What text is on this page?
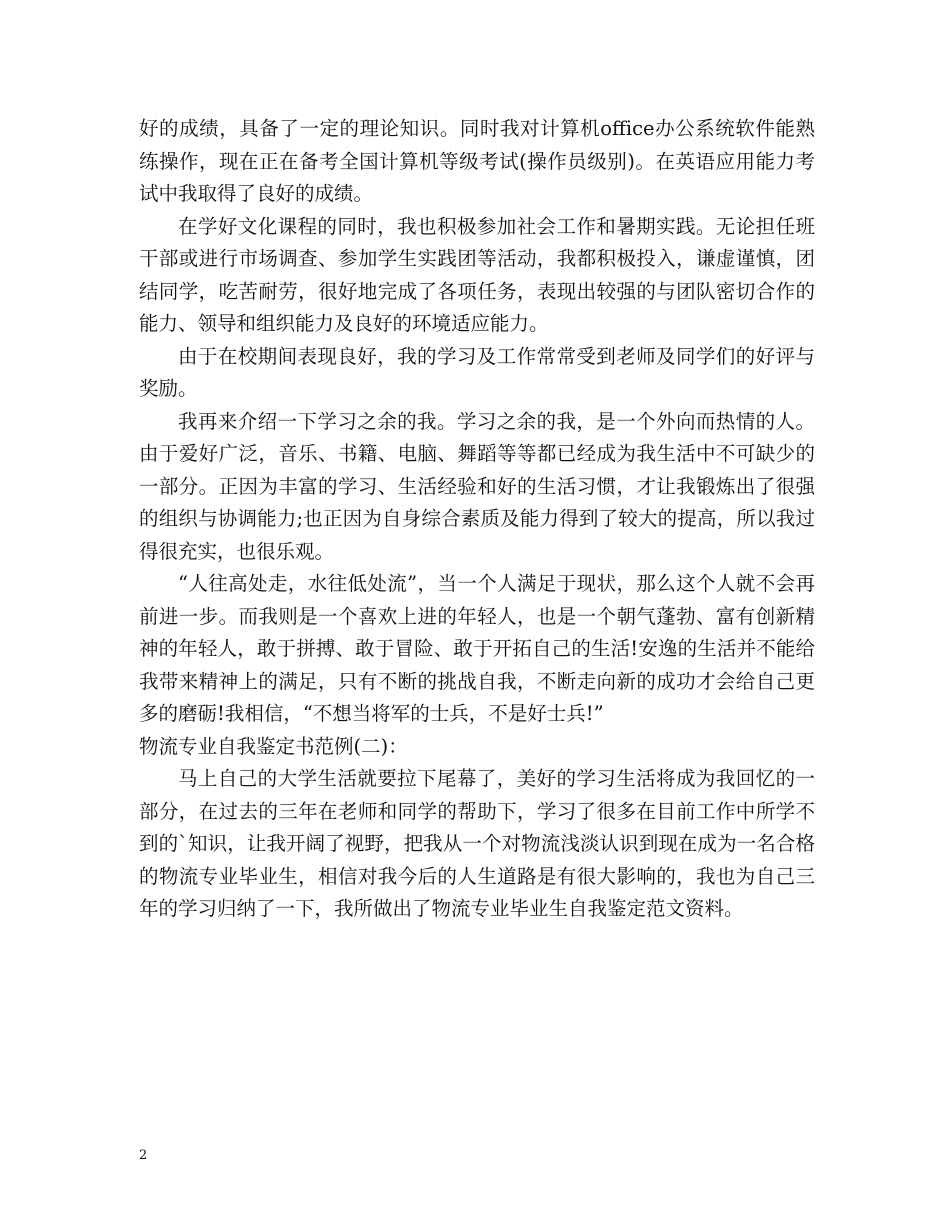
好的成绩，具备了一定的理论知识。同时我对计算机office办公系统软件能熟练操作，现在正在备考全国计算机等级考试(操作员级别)。在英语应用能力考试中我取得了良好的成绩。

在学好文化课程的同时，我也积极参加社会工作和暑期实践。无论担任班干部或进行市场调查、参加学生实践团等活动，我都积极投入，谦虚谨慎，团结同学，吃苦耐劳，很好地完成了各项任务，表现出较强的与团队密切合作的能力、领导和组织能力及良好的环境适应能力。

由于在校期间表现良好，我的学习及工作常常受到老师及同学们的好评与奖励。

我再来介绍一下学习之余的我。学习之余的我，是一个外向而热情的人。由于爱好广泛，音乐、书籍、电脑、舞蹈等等都已经成为我生活中不可缺少的一部分。正因为丰富的学习、生活经验和好的生活习惯，才让我锻炼出了很强的组织与协调能力;也正因为自身综合素质及能力得到了较大的提高，所以我过得很充实，也很乐观。

“人往高处走，水往低处流”，当一个人满足于现状，那么这个人就不会再前进一步。而我则是一个喜欢上进的年轻人，也是一个朝气蓬勃、富有创新精神的年轻人，敢于拼搏、敢于冒险、敢于开拓自己的生活!安逸的生活并不能给我带来精神上的满足，只有不断的挑战自我，不断走向新的成功才会给自己更多的磨砺!我相信，“不想当将军的士兵，不是好士兵!”

物流专业自我鉴定书范例(二)：

马上自己的大学生活就要拉下尾幕了，美好的学习生活将成为我回忆的一部分，在过去的三年在老师和同学的帮助下，学习了很多在目前工作中所学不到的`知识，让我开阔了视野，把我从一个对物流浅淡认识到现在成为一名合格的物流专业毕业生，相信对我今后的人生道路是有很大影响的，我也为自己三年的学习归纳了一下，我所做出了物流专业毕业生自我鉴定范文资料。

2
